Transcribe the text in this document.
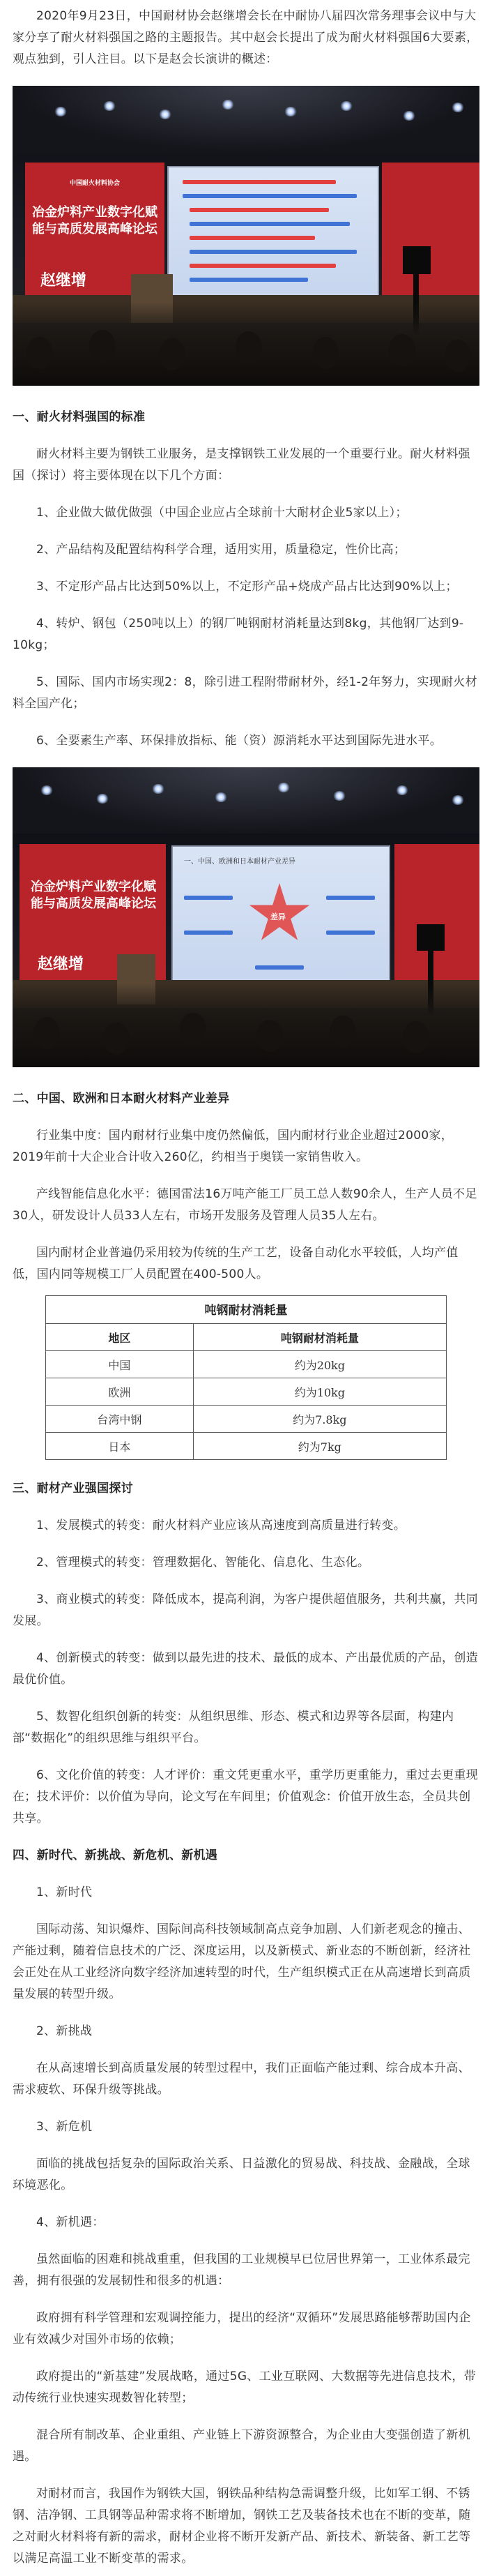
2020年9月23日，中国耐材协会赵继增会长在中耐协八届四次常务理事会议中与大家分享了耐火材料强国之路的主题报告。其中赵会长提出了成为耐火材料强国6大要素，观点独到，引人注目。以下是赵会长演讲的概述：

中国耐火材料协会
冶金炉料产业数字化赋能与高质发展高峰论坛
赵继增

一、耐火材料强国的标准

耐火材料主要为钢铁工业服务，是支撑钢铁工业发展的一个重要行业。耐火材料强国（探讨）将主要体现在以下几个方面：

1、企业做大做优做强（中国企业应占全球前十大耐材企业5家以上）；

2、产品结构及配置结构科学合理，适用实用，质量稳定，性价比高；

3、不定形产品占比达到50%以上，不定形产品+烧成产品占比达到90%以上；

4、转炉、钢包（250吨以上）的钢厂吨钢耐材消耗量达到8kg，其他钢厂达到9-10kg；

5、国际、国内市场实现2：8，除引进工程附带耐材外，经1-2年努力，实现耐火材料全国产化；

6、全要素生产率、环保排放指标、能（资）源消耗水平达到国际先进水平。

冶金炉料产业数字化赋能与高质发展高峰论坛
赵继增
一、中国、欧洲和日本耐材产业差异
差异

二、中国、欧洲和日本耐火材料产业差异

行业集中度：国内耐材行业集中度仍然偏低，国内耐材行业企业超过2000家，2019年前十大企业合计收入260亿，约相当于奥镁一家销售收入。

产线智能信息化水平：德国雷法16万吨产能工厂员工总人数90余人，生产人员不足30人，研发设计人员33人左右，市场开发服务及管理人员35人左右。

国内耐材企业普遍仍采用较为传统的生产工艺，设备自动化水平较低，人均产值低，国内同等规模工厂人员配置在400-500人。

吨钢耐材消耗量
地区	吨钢耐材消耗量
中国	约为20kg
欧洲	约为10kg
台湾中钢	约为7.8kg
日本	约为7kg

三、耐材产业强国探讨

1、发展模式的转变：耐火材料产业应该从高速度到高质量进行转变。

2、管理模式的转变：管理数据化、智能化、信息化、生态化。

3、商业模式的转变：降低成本，提高利润，为客户提供超值服务，共利共赢，共同发展。

4、创新模式的转变：做到以最先进的技术、最低的成本、产出最优质的产品，创造最优价值。

5、数智化组织创新的转变：从组织思维、形态、模式和边界等各层面，构建内部“数据化”的组织思维与组织平台。

6、文化价值的转变：人才评价：重文凭更重水平，重学历更重能力，重过去更重现在；技术评价：以价值为导向，论文写在车间里；价值观念：价值开放生态，全员共创共享。

四、新时代、新挑战、新危机、新机遇

1、新时代

国际动荡、知识爆炸、国际间高科技领域制高点竞争加剧、人们新老观念的撞击、产能过剩，随着信息技术的广泛、深度运用，以及新模式、新业态的不断创新，经济社会正处在从工业经济向数字经济加速转型的时代，生产组织模式正在从高速增长到高质量发展的转型升级。

2、新挑战

在从高速增长到高质量发展的转型过程中，我们正面临产能过剩、综合成本升高、需求疲软、环保升级等挑战。

3、新危机

面临的挑战包括复杂的国际政治关系、日益激化的贸易战、科技战、金融战，全球环境恶化。

4、新机遇：

虽然面临的困难和挑战重重，但我国的工业规模早已位居世界第一，工业体系最完善，拥有很强的发展韧性和很多的机遇：

政府拥有科学管理和宏观调控能力，提出的经济“双循环”发展思路能够帮助国内企业有效减少对国外市场的依赖；

政府提出的“新基建”发展战略，通过5G、工业互联网、大数据等先进信息技术，带动传统行业快速实现数智化转型；

混合所有制改革、企业重组、产业链上下游资源整合，为企业由大变强创造了新机遇。

对耐材而言，我国作为钢铁大国，钢铁品种结构急需调整升级，比如军工钢、不锈钢、洁净钢、工具钢等品种需求将不断增加，钢铁工艺及装备技术也在不断的变革，随之对耐火材料将有新的需求，耐材企业将不断开发新产品、新技术、新装备、新工艺等以满足高温工业不断变革的需求。
